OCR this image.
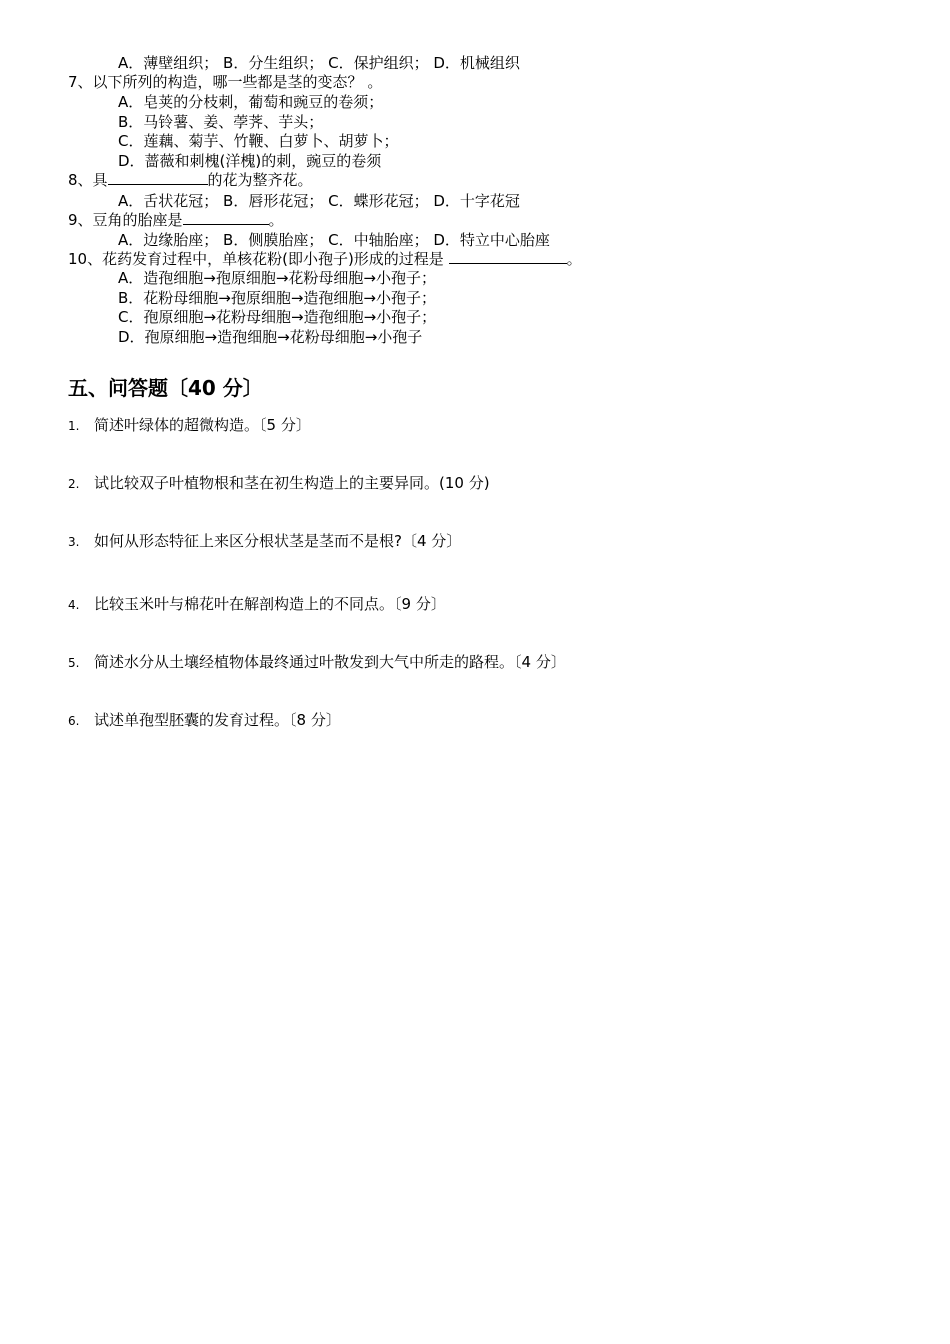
A．薄壁组织； B．分生组织； C．保护组织； D．机械组织
7、以下所列的构造，哪一些都是茎的变态？ 。
A．皂荚的分枝刺，葡萄和豌豆的卷须；
B．马铃薯、姜、荸荠、芋头；
C．莲藕、菊芋、竹鞭、白萝卜、胡萝卜；
D．蔷薇和刺槐(洋槐)的刺，豌豆的卷须
8、具	的花为整齐花。
A．舌状花冠； B．唇形花冠； C．蝶形花冠； D．十字花冠
9、豆角的胎座是	。
A．边缘胎座； B．侧膜胎座； C．中轴胎座； D．特立中心胎座
10、花药发育过程中，单核花粉(即小孢子)形成的过程是	。
A．造孢细胞→孢原细胞→花粉母细胞→小孢子；
B．花粉母细胞→孢原细胞→造孢细胞→小孢子；
C．孢原细胞→花粉母细胞→造孢细胞→小孢子；
D．孢原细胞→造孢细胞→花粉母细胞→小孢子
五、问答题〔40 分〕
1. 简述叶绿体的超微构造。〔5 分〕
2. 试比较双子叶植物根和茎在初生构造上的主要异同。(10 分)
3. 如何从形态特征上来区分根状茎是茎而不是根?〔4 分〕
4. 比较玉米叶与棉花叶在解剖构造上的不同点。〔9 分〕
5. 简述水分从土壤经植物体最终通过叶散发到大气中所走的路程。〔4 分〕
6. 试述单孢型胚囊的发育过程。〔8 分〕
